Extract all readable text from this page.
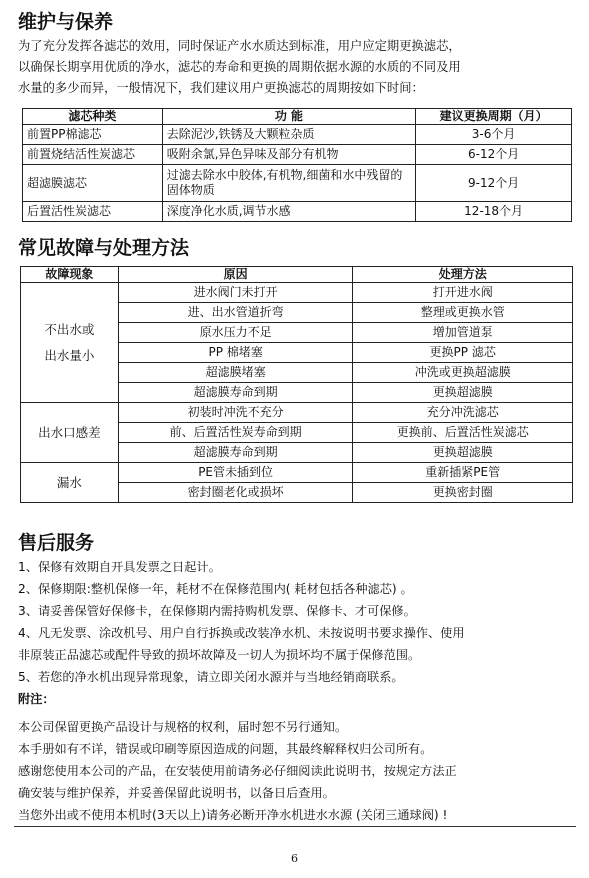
维护与保养
为了充分发挥各滤芯的效用，同时保证产水水质达到标准，用户应定期更换滤芯，
以确保长期享用优质的净水，滤芯的寿命和更换的周期依据水源的水质的不同及用
水量的多少而异，一般情况下，我们建议用户更换滤芯的周期按如下时间：
滤芯种类	功 能	建议更换周期（月）
前置PP棉滤芯	去除泥沙,铁锈及大颗粒杂质	3-6个月
前置烧结活性炭滤芯	吸附余氯,异色异味及部分有机物	6-12个月
超滤膜滤芯	过滤去除水中胶体,有机物,细菌和水中残留的固体物质	9-12个月
后置活性炭滤芯	深度净化水质,调节水感	12-18个月
常见故障与处理方法
故障现象	原因	处理方法

不出水或
出水量小	进水阀门未打开	打开进水阀
	进、出水管道折弯	整理或更换水管
	原水压力不足	增加管道泵
	PP 棉堵塞	更换PP 滤芯
	超滤膜堵塞	冲洗或更换超滤膜
	超滤膜寿命到期	更换超滤膜

出水口感差	初装时冲洗不充分	充分冲洗滤芯
	前、后置活性炭寿命到期	更换前、后置活性炭滤芯
	超滤膜寿命到期	更换超滤膜

漏水	PE管未插到位	重新插紧PE管
	密封圈老化或损坏	更换密封圈
售后服务
1、保修有效期自开具发票之日起计。
2、保修期限:整机保修一年，耗材不在保修范围内( 耗材包括各种滤芯) 。
3、请妥善保管好保修卡，在保修期内需持购机发票、保修卡、才可保修。
4、凡无发票、涂改机号、用户自行拆换或改装净水机、未按说明书要求操作、使用
非原装正品滤芯或配件导致的损坏故障及一切人为损坏均不属于保修范围。
5、若您的净水机出现异常现象，请立即关闭水源并与当地经销商联系。
附注：
本公司保留更换产品设计与规格的权利，届时恕不另行通知。
本手册如有不详，错误或印刷等原因造成的问题，其最终解释权归公司所有。
感谢您使用本公司的产品，在安装使用前请务必仔细阅读此说明书，按规定方法正
确安装与维护保养，并妥善保留此说明书，以备日后查用。
当您外出或不使用本机时(3天以上)请务必断开净水机进水水源 (关闭三通球阀) !
6
